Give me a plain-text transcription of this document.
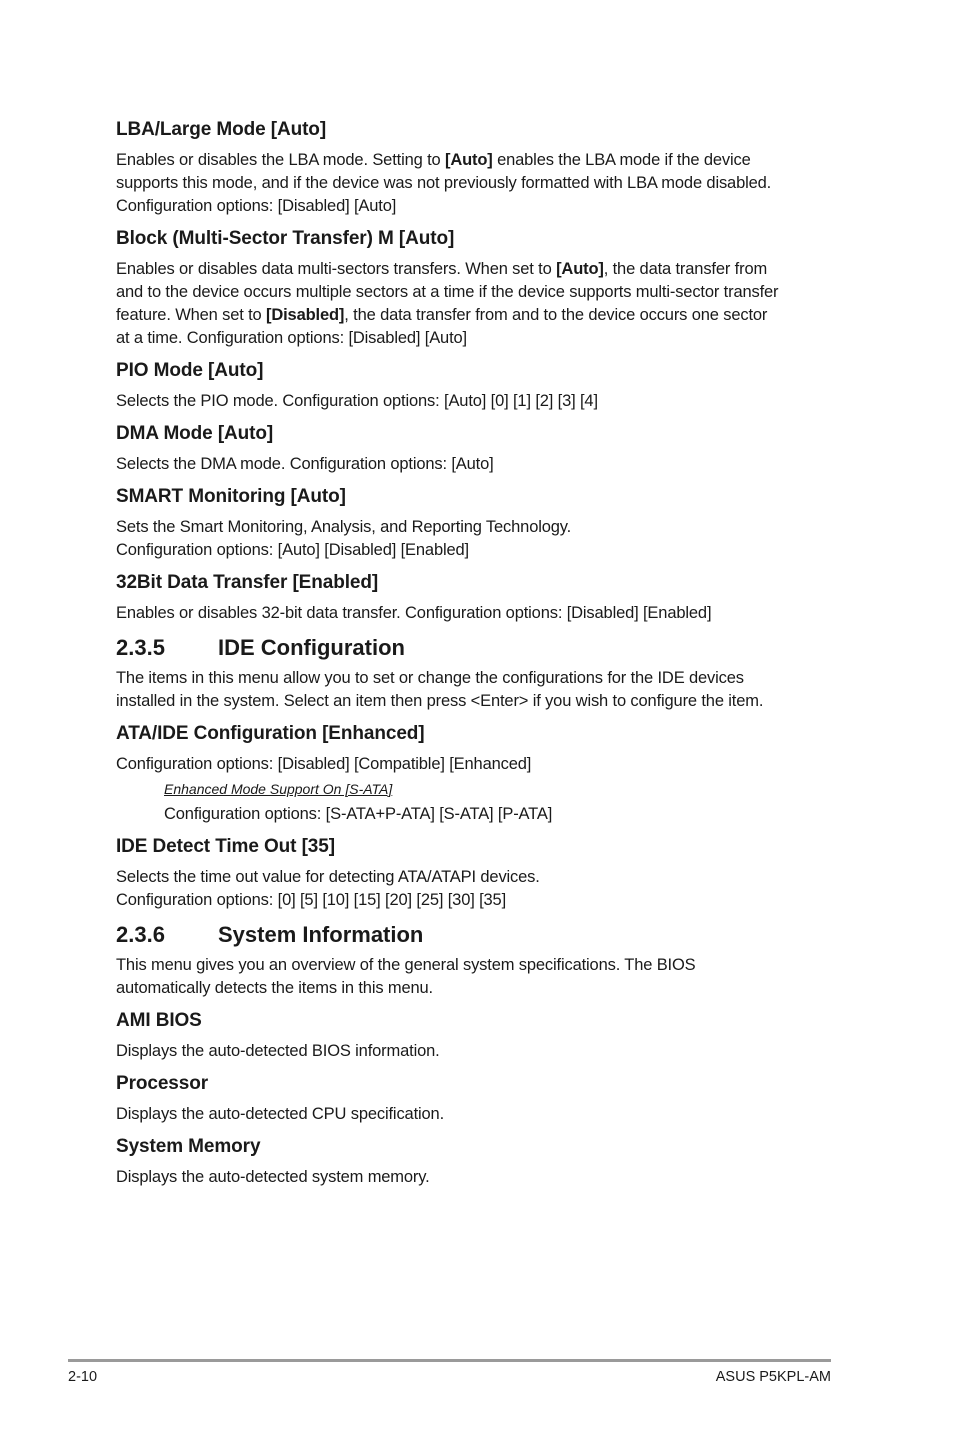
LBA/Large Mode [Auto]

Enables or disables the LBA mode. Setting to [Auto] enables the LBA mode if the device
supports this mode, and if the device was not previously formatted with LBA mode disabled.
Configuration options: [Disabled] [Auto]

Block (Multi-Sector Transfer) M [Auto]

Enables or disables data multi-sectors transfers. When set to [Auto], the data transfer from
and to the device occurs multiple sectors at a time if the device supports multi-sector transfer
feature. When set to [Disabled], the data transfer from and to the device occurs one sector
at a time. Configuration options: [Disabled] [Auto]

PIO Mode [Auto]

Selects the PIO mode. Configuration options: [Auto] [0] [1] [2] [3] [4]

DMA Mode [Auto]

Selects the DMA mode. Configuration options: [Auto]

SMART Monitoring [Auto]

Sets the Smart Monitoring, Analysis, and Reporting Technology.
Configuration options: [Auto] [Disabled] [Enabled]

32Bit Data Transfer [Enabled]

Enables or disables 32-bit data transfer. Configuration options: [Disabled] [Enabled]

2.3.5	IDE Configuration

The items in this menu allow you to set or change the configurations for the IDE devices
installed in the system. Select an item then press <Enter> if you wish to configure the item.

ATA/IDE Configuration [Enhanced]

Configuration options: [Disabled] [Compatible] [Enhanced]

Enhanced Mode Support On [S-ATA]

Configuration options: [S-ATA+P-ATA] [S-ATA] [P-ATA]

IDE Detect Time Out [35]

Selects the time out value for detecting ATA/ATAPI devices.
Configuration options: [0] [5] [10] [15] [20] [25] [30] [35]

2.3.6	System Information

This menu gives you an overview of the general system specifications. The BIOS
automatically detects the items in this menu.

AMI BIOS

Displays the auto-detected BIOS information.

Processor

Displays the auto-detected CPU specification.

System Memory

Displays the auto-detected system memory.

2-10	ASUS P5KPL-AM
